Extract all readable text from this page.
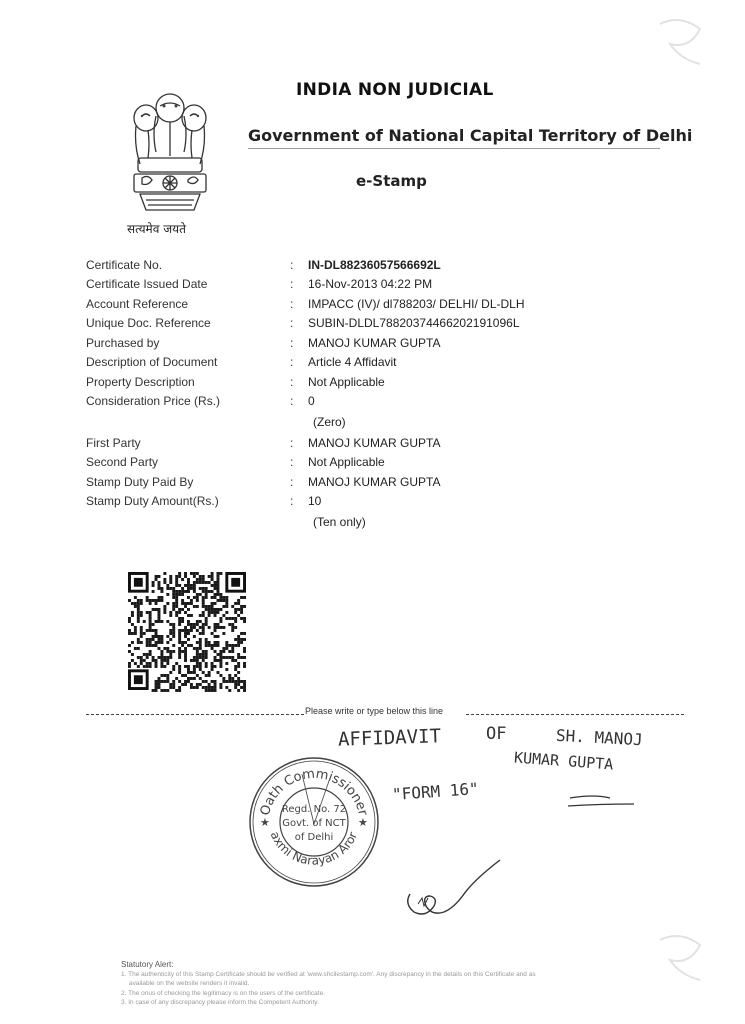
सत्यमेव जयते
INDIA NON JUDICIAL
Government of National Capital Territory of Delhi
e-Stamp
Certificate No.	: IN-DL88236057566692L
Certificate Issued Date	: 16-Nov-2013 04:22 PM
Account Reference	: IMPACC (IV)/ dl788203/ DELHI/ DL-DLH
Unique Doc. Reference	: SUBIN-DLDL78820374466202191096L
Purchased by	: MANOJ KUMAR GUPTA
Description of Document	: Article 4 Affidavit
Property Description	: Not Applicable
Consideration Price (Rs.)	: 0
(Zero)
First Party	: MANOJ KUMAR GUPTA
Second Party	: Not Applicable
Stamp Duty Paid By	: MANOJ KUMAR GUPTA
Stamp Duty Amount(Rs.)	: 10
(Ten only)
Please write or type below this line
AFFIDAVIT	OF	SH. MANOJ
KUMAR GUPTA
"FORM 16"
Oath Commissioner
axmi Narayan Aror
Regd. No. 72
Govt. of NCT
of Delhi
★	★
Statutory Alert:
1. The authenticity of this Stamp Certificate should be verified at 'www.shcilestamp.com'. Any discrepancy in the details on this Certificate and as
available on the website renders it invalid.
2. The onus of checking the legitimacy is on the users of the certificate.
3. In case of any discrepancy please inform the Competent Authority.
